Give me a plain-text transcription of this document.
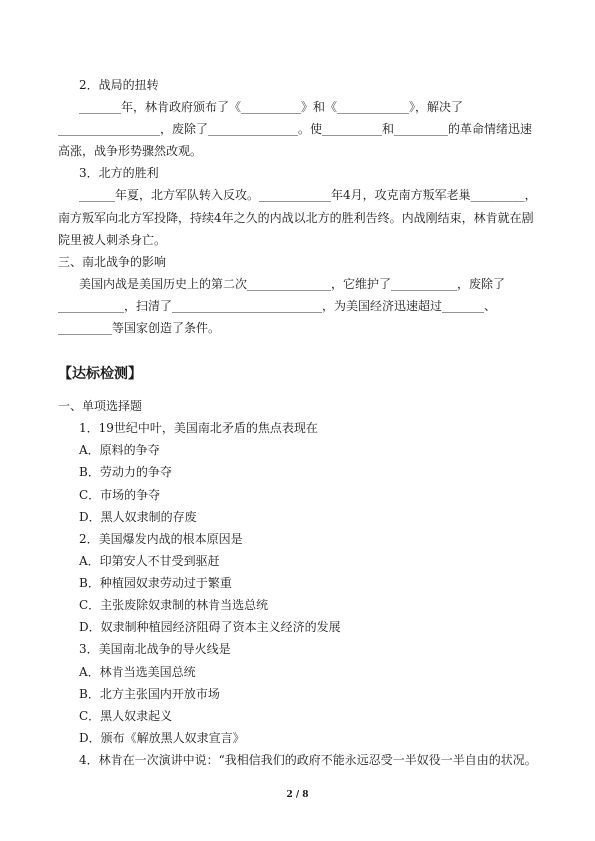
2．战局的扭转
_______年，林肯政府颁布了《__________》和《____________》，解决了
_________________，废除了_______________。使__________和_________的革命情绪迅速
高涨，战争形势骤然改观。
3．北方的胜利
______年夏，北方军队转入反攻。____________年4月，攻克南方叛军老巢_________，
南方叛军向北方军投降，持续4年之久的内战以北方的胜利告终。内战刚结束，林肯就在剧
院里被人刺杀身亡。
三、南北战争的影响
美国内战是美国历史上的第二次______________，它维护了___________，废除了
___________，扫清了_________________________，为美国经济迅速超过_______、
_________等国家创造了条件。
【达标检测】
一、单项选择题
1．19世纪中叶，美国南北矛盾的焦点表现在
A．原料的争夺
B．劳动力的争夺
C．市场的争夺
D．黑人奴隶制的存废
2．美国爆发内战的根本原因是
A．印第安人不甘受到驱赶
B．种植园奴隶劳动过于繁重
C．主张废除奴隶制的林肯当选总统
D．奴隶制种植园经济阻碍了资本主义经济的发展
3．美国南北战争的导火线是
A．林肯当选美国总统
B．北方主张国内开放市场
C．黑人奴隶起义
D．颁布《解放黑人奴隶宣言》
4．林肯在一次演讲中说：“我相信我们的政府不能永远忍受一半奴役一半自由的状况。
2 / 8
